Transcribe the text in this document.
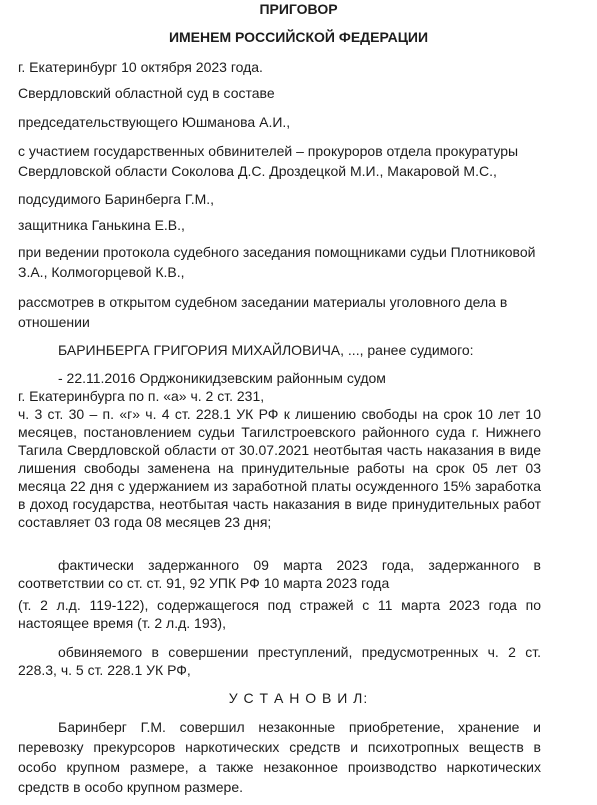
ПРИГОВОР
ИМЕНЕМ РОССИЙСКОЙ ФЕДЕРАЦИИ
г. Екатеринбург 10 октября 2023 года.
Свердловский областной суд в составе
председательствующего Юшманова А.И.,
с участием государственных обвинителей – прокуроров отдела прокуратуры
Свердловской области Соколова Д.С. Дроздецкой М.И., Макаровой М.С.,
подсудимого Баринберга Г.М.,
защитника Ганькина Е.В.,
при ведении протокола судебного заседания помощниками судьи Плотниковой
З.А., Колмогорцевой К.В.,
рассмотрев в открытом судебном заседании материалы уголовного дела в
отношении
БАРИНБЕРГА ГРИГОРИЯ МИХАЙЛОВИЧА, ..., ранее судимого:
- 22.11.2016 Орджоникидзевским районным судом
г. Екатеринбурга по п. «а» ч. 2 ст. 231,
ч. 3 ст. 30 – п. «г» ч. 4 ст. 228.1 УК РФ к лишению свободы на срок 10 лет 10
месяцев, постановлением судьи Тагилстроевского районного суда г. Нижнего
Тагила Свердловской области от 30.07.2021 неотбытая часть наказания в виде
лишения свободы заменена на принудительные работы на срок 05 лет 03
месяца 22 дня с удержанием из заработной платы осужденного 15% заработка
в доход государства, неотбытая часть наказания в виде принудительных работ
составляет 03 года 08 месяцев 23 дня;
фактически задержанного 09 марта 2023 года, задержанного в
соответствии со ст. ст. 91, 92 УПК РФ 10 марта 2023 года
(т. 2 л.д. 119-122), содержащегося под стражей с 11 марта 2023 года по
настоящее время (т. 2 л.д. 193),
обвиняемого в совершении преступлений, предусмотренных ч. 2 ст.
228.3, ч. 5 ст. 228.1 УК РФ,
У С Т А Н О В И Л:
Баринберг Г.М. совершил незаконные приобретение, хранение и
перевозку прекурсоров наркотических средств и психотропных веществ в
особо крупном размере, а также незаконное производство наркотических
средств в особо крупном размере.
